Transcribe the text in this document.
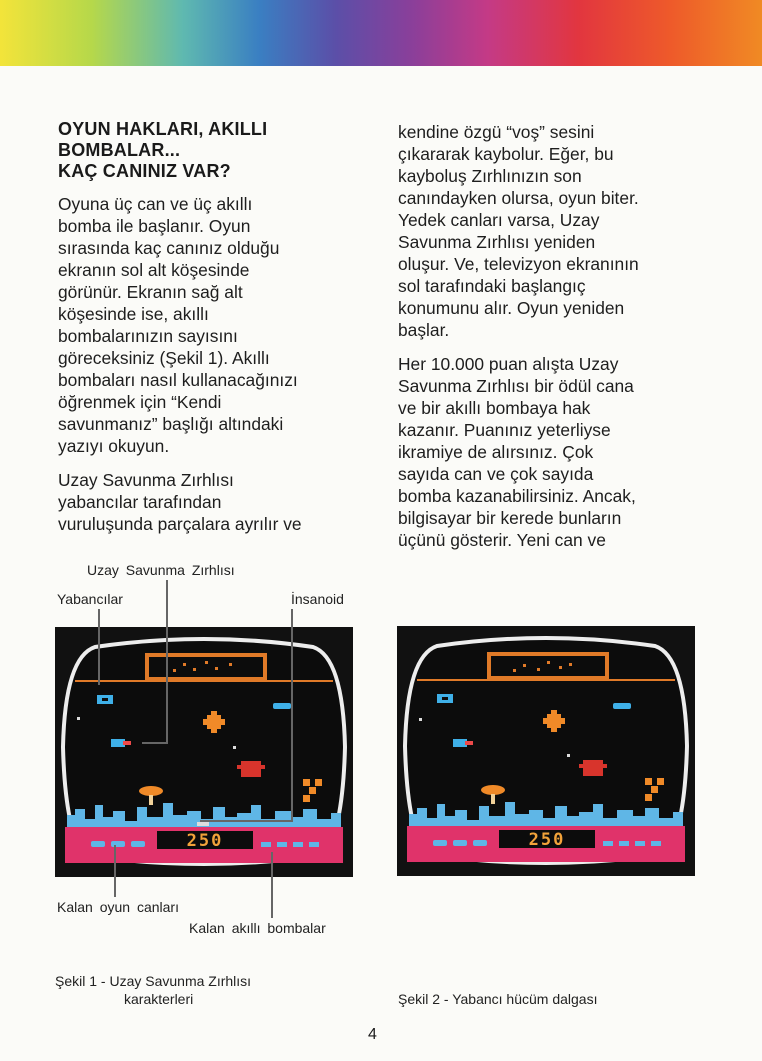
OYUN HAKLARI, AKILLI
BOMBALAR...
KAÇ CANINIZ VAR?

Oyuna üç can ve üç akıllı
bomba ile başlanır. Oyun
sırasında kaç canınız olduğu
ekranın sol alt köşesinde
görünür. Ekranın sağ alt
köşesinde ise, akıllı
bombalarınızın sayısını
göreceksiniz (Şekil 1). Akıllı
bombaları nasıl kullanacağınızı
öğrenmek için “Kendi
savunmanız” başlığı altındaki
yazıyı okuyun.

Uzay Savunma Zırhlısı
yabancılar tarafından
vuruluşunda parçalara ayrılır ve

kendine özgü “voş” sesini
çıkararak kaybolur. Eğer, bu
kayboluş Zırhlınızın son
canındayken olursa, oyun biter.
Yedek canları varsa, Uzay
Savunma Zırhlısı yeniden
oluşur. Ve, televizyon ekranının
sol tarafındaki başlangıç
konumunu alır. Oyun yeniden
başlar.

Her 10.000 puan alışta Uzay
Savunma Zırhlısı bir ödül cana
ve bir akıllı bombaya hak
kazanır. Puanınız yeterliyse
ikramiye de alırsınız. Çok
sayıda can ve çok sayıda
bomba kazanabilirsiniz. Ancak,
bilgisayar bir kerede bunların
üçünü gösterir. Yeni can ve

Uzay Savunma Zırhlısı
Yabancılar	İnsanoid
250
Kalan oyun canları
Kalan akıllı bombalar
Şekil 1 - Uzay Savunma Zırhlısı
karakterleri
250
Şekil 2 - Yabancı hücüm dalgası
4
